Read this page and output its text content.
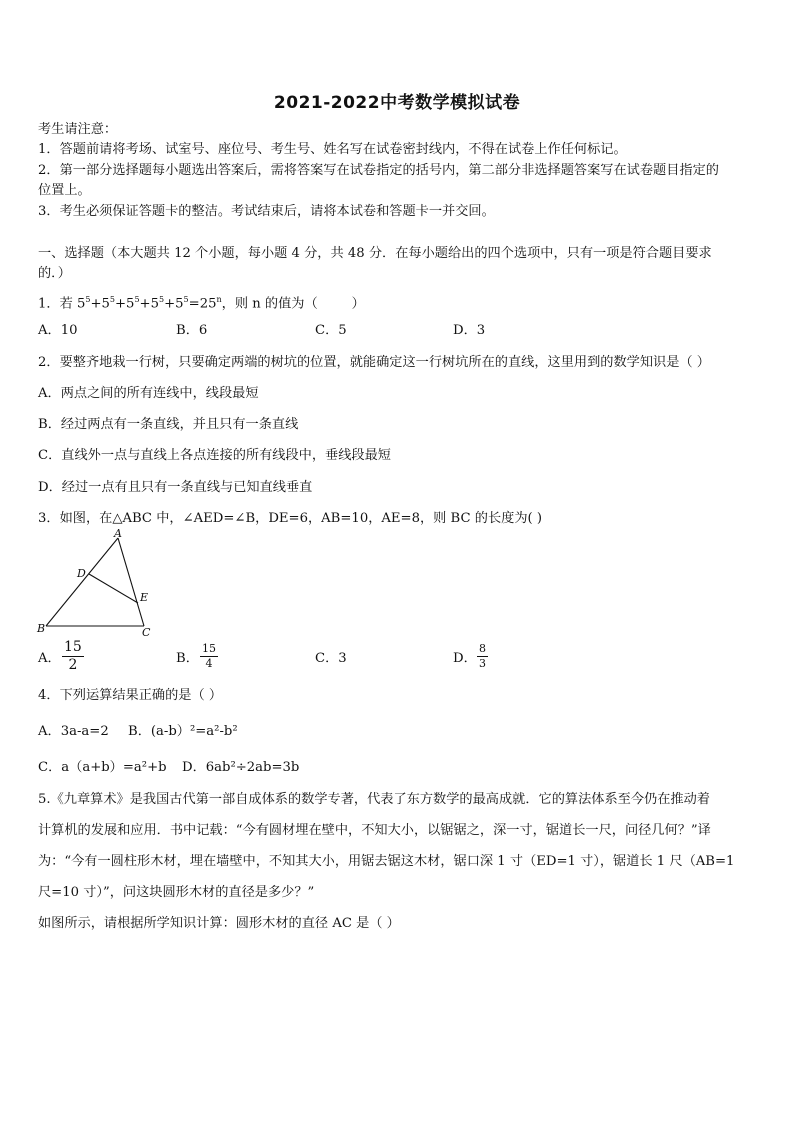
2021-2022中考数学模拟试卷
考生请注意：
1．答题前请将考场、试室号、座位号、考生号、姓名写在试卷密封线内，不得在试卷上作任何标记。
2．第一部分选择题每小题选出答案后，需将答案写在试卷指定的括号内，第二部分非选择题答案写在试卷题目指定的
位置上。
3．考生必须保证答题卡的整洁。考试结束后，请将本试卷和答题卡一并交回。
一、选择题（本大题共 12 个小题，每小题 4 分，共 48 分．在每小题给出的四个选项中，只有一项是符合题目要求
的．）
1．若 $5^5+5^5+5^5+5^5+5^5=25^n$，则 n 的值为（	）
A．10	B．6	C．5	D．3
2．要整齐地栽一行树，只要确定两端的树坑的位置，就能确定这一行树坑所在的直线，这里用到的数学知识是（ ）
A．两点之间的所有连线中，线段最短
B．经过两点有一条直线，并且只有一条直线
C．直线外一点与直线上各点连接的所有线段中，垂线段最短
D．经过一点有且只有一条直线与已知直线垂直
3．如图，在△ABC 中，∠AED=∠B，DE=6，AB=10，AE=8，则 BC 的长度为( )
A
B	C
D
E
A．
15
2	B．
15
4	C．3	D．
8
3
4．下列运算结果正确的是（ ）
A．3a-a=2 B．(a-b）²=a²-b²
C．a（a+b）=a²+b D．6ab²÷2ab=3b
5.《九章算术》是我国古代第一部自成体系的数学专著，代表了东方数学的最高成就．它的算法体系至今仍在推动着
计算机的发展和应用．书中记载：“今有圆材埋在壁中，不知大小，以锯锯之，深一寸，锯道长一尺，问径几何？”译
为：“今有一圆柱形木材，埋在墙壁中，不知其大小，用锯去锯这木材，锯口深 1 寸（ED=1 寸），锯道长 1 尺（AB=1
尺=10 寸）”，问这块圆形木材的直径是多少？”
如图所示，请根据所学知识计算：圆形木材的直径 AC 是（ ）
